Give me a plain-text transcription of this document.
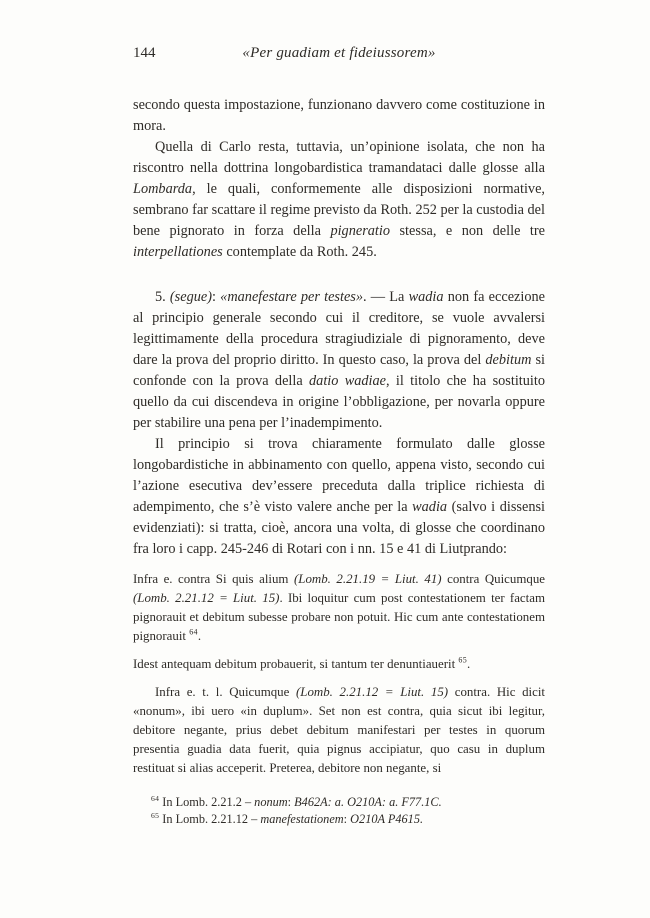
144	«Per guadiam et fideiussorem»

secondo questa impostazione, funzionano davvero come costituzione in mora.

Quella di Carlo resta, tuttavia, un’opinione isolata, che non ha riscontro nella dottrina longobardistica tramandataci dalle glosse alla Lombarda, le quali, conformemente alle disposizioni normative, sembrano far scattare il regime previsto da Roth. 252 per la custodia del bene pignorato in forza della pigneratio stessa, e non delle tre interpellationes contemplate da Roth. 245.

5. (segue): «manefestare per testes». — La wadia non fa eccezione al principio generale secondo cui il creditore, se vuole avvalersi legittimamente della procedura stragiudiziale di pignoramento, deve dare la prova del proprio diritto. In questo caso, la prova del debitum si confonde con la prova della datio wadiae, il titolo che ha sostituito quello da cui discendeva in origine l’obbligazione, per novarla oppure per stabilire una pena per l’inadempimento.

Il principio si trova chiaramente formulato dalle glosse longobardistiche in abbinamento con quello, appena visto, secondo cui l’azione esecutiva dev’essere preceduta dalla triplice richiesta di adempimento, che s’è visto valere anche per la wadia (salvo i dissensi evidenziati): si tratta, cioè, ancora una volta, di glosse che coordinano fra loro i capp. 245-246 di Rotari con i nn. 15 e 41 di Liutprando:

Infra e. contra Si quis alium (Lomb. 2.21.19 = Liut. 41) contra Quicumque (Lomb. 2.21.12 = Liut. 15). Ibi loquitur cum post contestationem ter factam pignorauit et debitum subesse probare non potuit. Hic cum ante contestationem pignorauit $^{64}$.

Idest antequam debitum probauerit, si tantum ter denuntiauerit $^{65}$.

Infra e. t. l. Quicumque (Lomb. 2.21.12 = Liut. 15) contra. Hic dicit «nonum», ibi uero «in duplum». Set non est contra, quia sicut ibi legitur, debitore negante, prius debet debitum manifestari per testes in quorum presentia guadia data fuerit, quia pignus accipiatur, quo casu in duplum restituat si alias acceperit. Preterea, debitore non negante, si

$^{64}$ In Lomb. 2.21.2 – nonum: B462A: a. O210A: a. F77.1C.

$^{65}$ In Lomb. 2.21.12 – manefestationem: O210A P4615.
